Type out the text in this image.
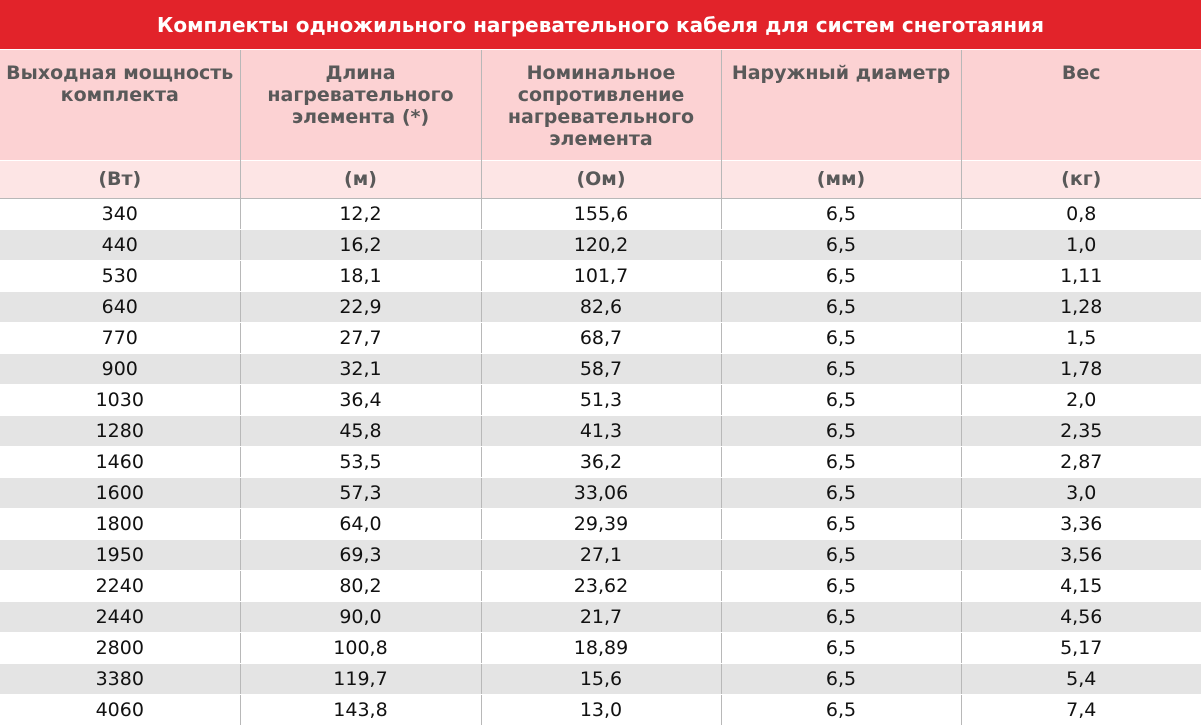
Комплекты одножильного нагревательного кабеля для систем снеготаяния
Выходная мощность комплекта	Длина нагревательного элемента (*)	Номинальное сопротивление нагревательного элемента	Наружный диаметр	Вес
(Вт)	(м)	(Ом)	(мм)	(кг)
340	12,2	155,6	6,5	0,8
440	16,2	120,2	6,5	1,0
530	18,1	101,7	6,5	1,11
640	22,9	82,6	6,5	1,28
770	27,7	68,7	6,5	1,5
900	32,1	58,7	6,5	1,78
1030	36,4	51,3	6,5	2,0
1280	45,8	41,3	6,5	2,35
1460	53,5	36,2	6,5	2,87
1600	57,3	33,06	6,5	3,0
1800	64,0	29,39	6,5	3,36
1950	69,3	27,1	6,5	3,56
2240	80,2	23,62	6,5	4,15
2440	90,0	21,7	6,5	4,56
2800	100,8	18,89	6,5	5,17
3380	119,7	15,6	6,5	5,4
4060	143,8	13,0	6,5	7,4
